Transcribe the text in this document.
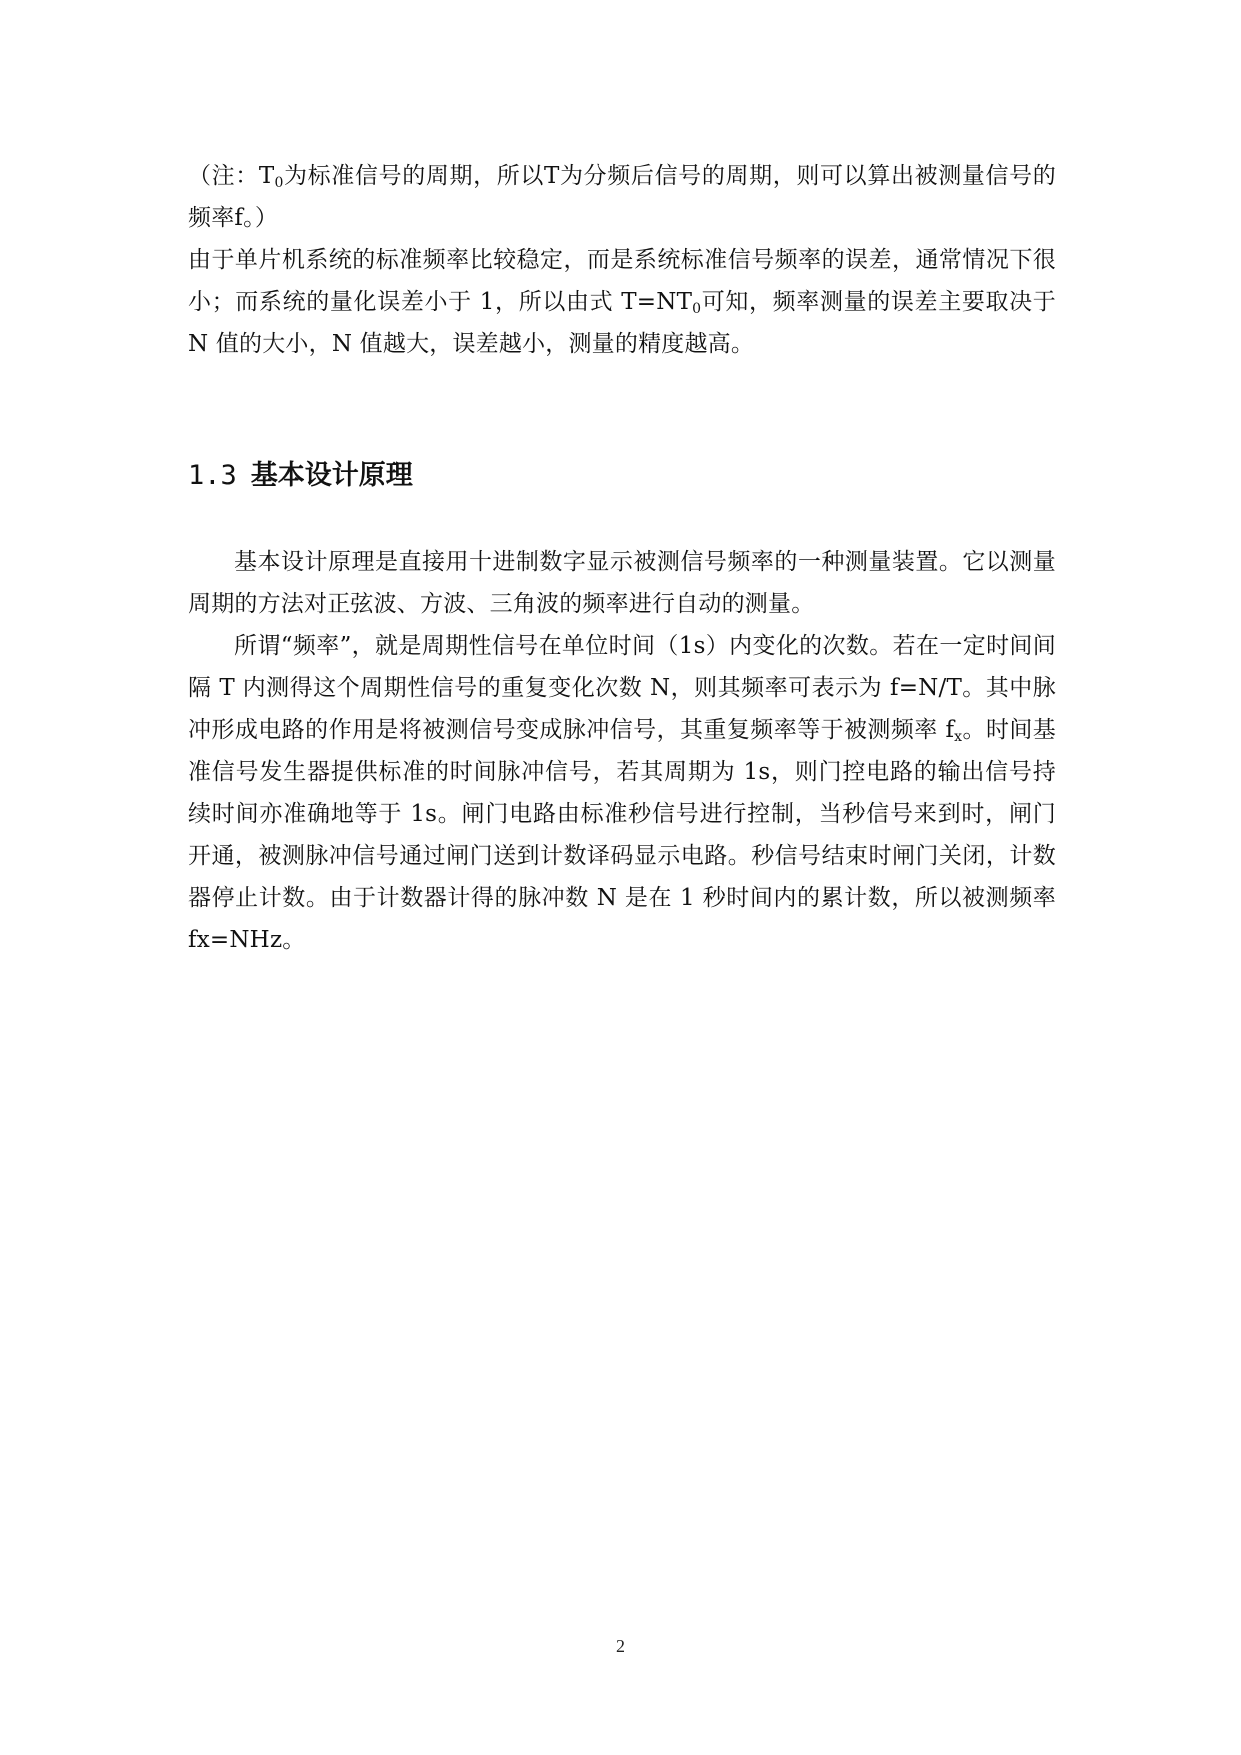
（注：$T_0$为标准信号的周期，所以T为分频后信号的周期，则可以算出被测量信号的频率f。）

由于单片机系统的标准频率比较稳定，而是系统标准信号频率的误差，通常情况下很小；而系统的量化误差小于 1，所以由式 $T=NT_0$可知，频率测量的误差主要取决于 N 值的大小，N 值越大，误差越小，测量的精度越高。

1.3 基本设计原理

基本设计原理是直接用十进制数字显示被测信号频率的一种测量装置。它以测量周期的方法对正弦波、方波、三角波的频率进行自动的测量。

所谓“频率”，就是周期性信号在单位时间（1s）内变化的次数。若在一定时间间隔 T 内测得这个周期性信号的重复变化次数 N，则其频率可表示为 f=N/T。其中脉冲形成电路的作用是将被测信号变成脉冲信号，其重复频率等于被测频率 $f_x$。时间基准信号发生器提供标准的时间脉冲信号，若其周期为 1s，则门控电路的输出信号持续时间亦准确地等于 1s。闸门电路由标准秒信号进行控制，当秒信号来到时，闸门开通，被测脉冲信号通过闸门送到计数译码显示电路。秒信号结束时闸门关闭，计数器停止计数。由于计数器计得的脉冲数 N 是在 1 秒时间内的累计数，所以被测频率 fx=NHz。

2
